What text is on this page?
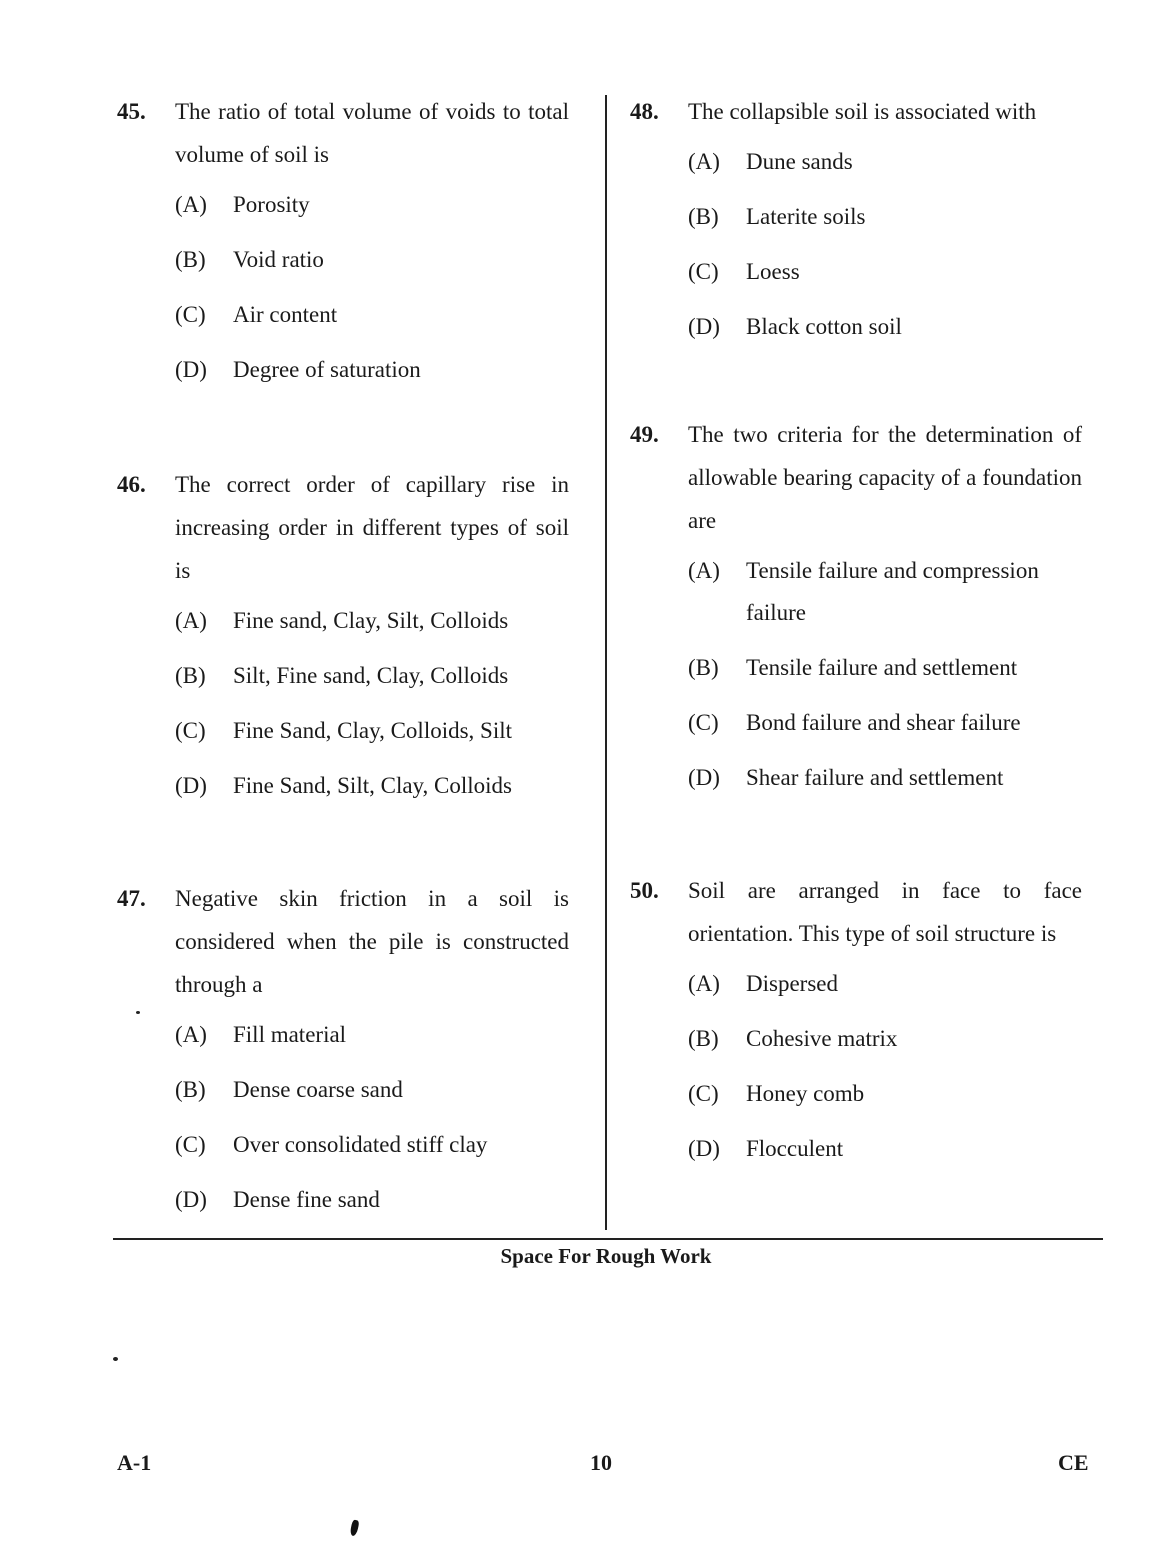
45.	The ratio of total volume of voids to total volume of soil is
(A)	Porosity
(B)	Void ratio
(C)	Air content
(D)	Degree of saturation
46.	The correct order of capillary rise in increasing order in different types of soil is
(A)	Fine sand, Clay, Silt, Colloids
(B)	Silt, Fine sand, Clay, Colloids
(C)	Fine Sand, Clay, Colloids, Silt
(D)	Fine Sand, Silt, Clay, Colloids
47.	Negative skin friction in a soil is considered when the pile is constructed through a
(A)	Fill material
(B)	Dense coarse sand
(C)	Over consolidated stiff clay
(D)	Dense fine sand
48.	The collapsible soil is associated with
(A)	Dune sands
(B)	Laterite soils
(C)	Loess
(D)	Black cotton soil
49.	The two criteria for the determination of allowable bearing capacity of a foundation are
(A)	Tensile failure and compression failure
(B)	Tensile failure and settlement
(C)	Bond failure and shear failure
(D)	Shear failure and settlement
50.	Soil are arranged in face to face orientation. This type of soil structure is
(A)	Dispersed
(B)	Cohesive matrix
(C)	Honey comb
(D)	Flocculent
Space For Rough Work
A-1	10	CE
